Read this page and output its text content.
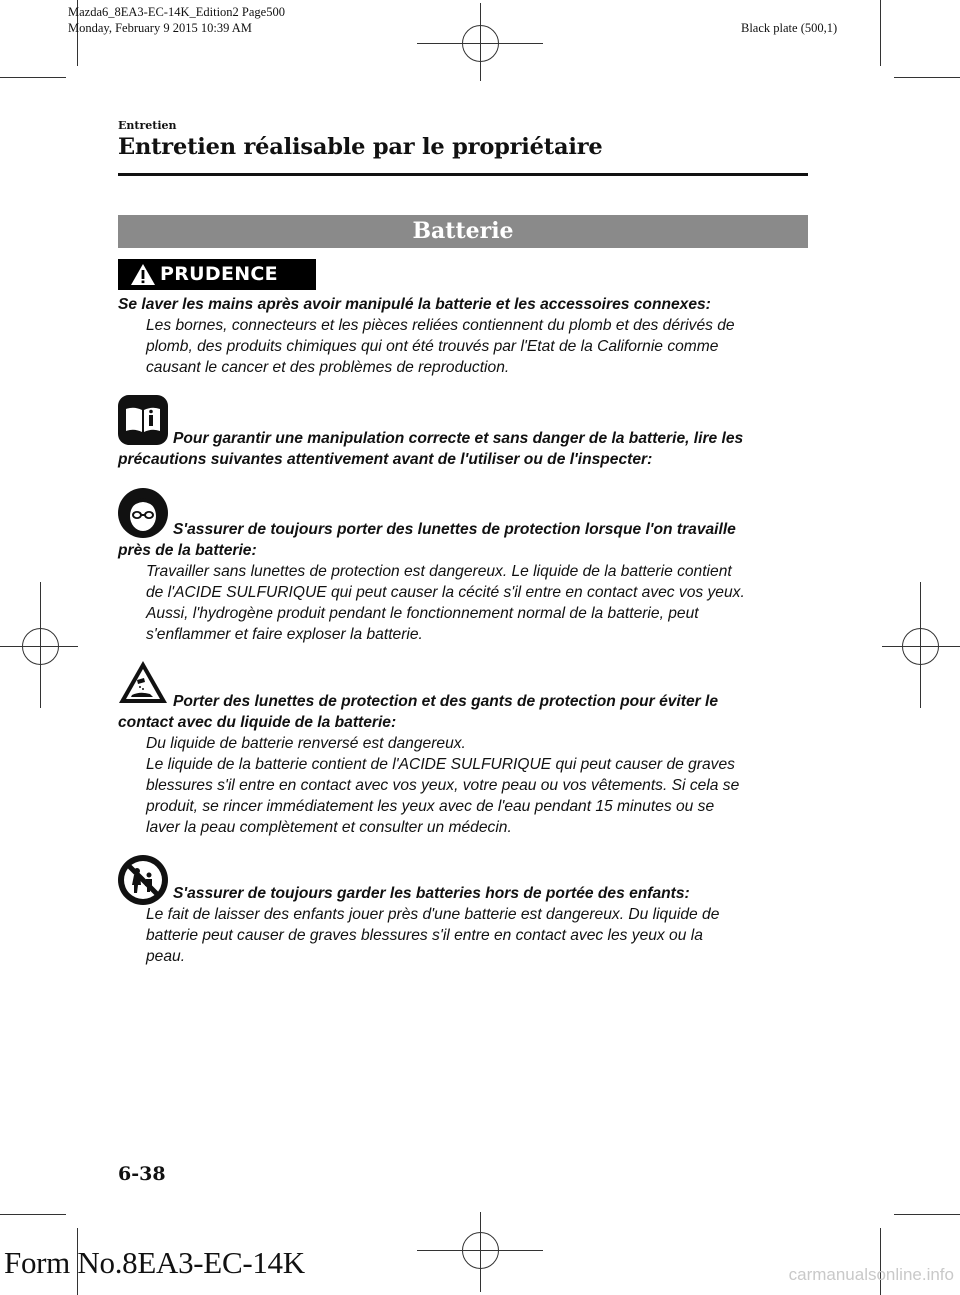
Mazda6_8EA3-EC-14K_Edition2 Page500
Monday, February 9 2015 10:39 AM	Black plate (500,1)
Entretien
Entretien réalisable par le propriétaire
Batterie
PRUDENCE
Se laver les mains après avoir manipulé la batterie et les accessoires connexes:
Les bornes, connecteurs et les pièces reliées contiennent du plomb et des dérivés de
plomb, des produits chimiques qui ont été trouvés par l'Etat de la Californie comme
causant le cancer et des problèmes de reproduction.
Pour garantir une manipulation correcte et sans danger de la batterie, lire les
précautions suivantes attentivement avant de l'utiliser ou de l'inspecter:
S'assurer de toujours porter des lunettes de protection lorsque l'on travaille
près de la batterie:
Travailler sans lunettes de protection est dangereux. Le liquide de la batterie contient
de l'ACIDE SULFURIQUE qui peut causer la cécité s'il entre en contact avec vos yeux.
Aussi, l'hydrogène produit pendant le fonctionnement normal de la batterie, peut
s'enflammer et faire exploser la batterie.
Porter des lunettes de protection et des gants de protection pour éviter le
contact avec du liquide de la batterie:
Du liquide de batterie renversé est dangereux.
Le liquide de la batterie contient de l'ACIDE SULFURIQUE qui peut causer de graves
blessures s'il entre en contact avec vos yeux, votre peau ou vos vêtements. Si cela se
produit, se rincer immédiatement les yeux avec de l'eau pendant 15 minutes ou se
laver la peau complètement et consulter un médecin.
S'assurer de toujours garder les batteries hors de portée des enfants:
Le fait de laisser des enfants jouer près d'une batterie est dangereux. Du liquide de
batterie peut causer de graves blessures s'il entre en contact avec les yeux ou la
peau.
6-38
Form No.8EA3-EC-14K	carmanualsonline.info
